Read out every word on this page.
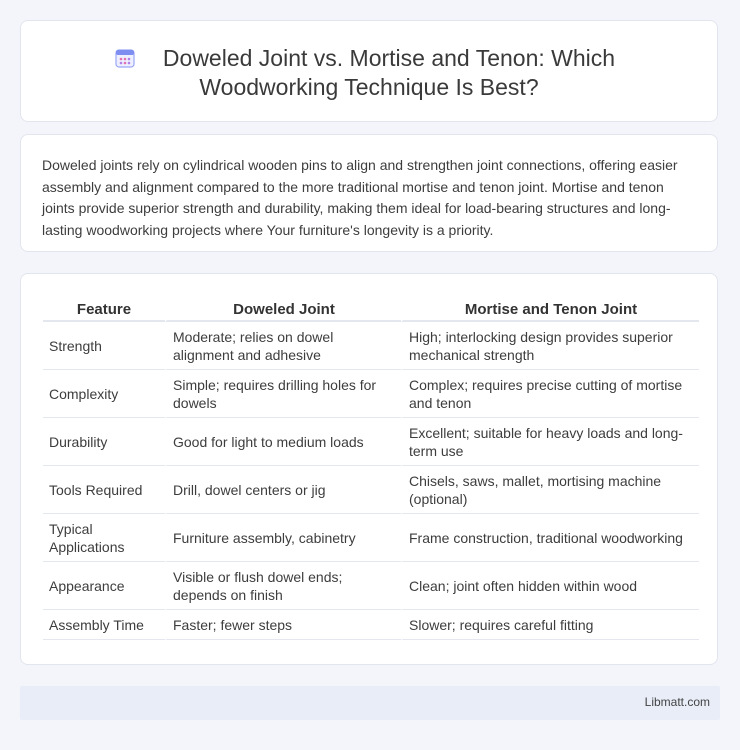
Doweled Joint vs. Mortise and Tenon: Which
Woodworking Technique Is Best?

Doweled joints rely on cylindrical wooden pins to align and strengthen joint connections, offering easier assembly and alignment compared to the more traditional mortise and tenon joint. Mortise and tenon joints provide superior strength and durability, making them ideal for load-bearing structures and long-lasting woodworking projects where Your furniture's longevity is a priority.

Feature	Doweled Joint	Mortise and Tenon Joint
Strength	Moderate; relies on dowel alignment and adhesive	High; interlocking design provides superior mechanical strength
Complexity	Simple; requires drilling holes for dowels	Complex; requires precise cutting of mortise and tenon
Durability	Good for light to medium loads	Excellent; suitable for heavy loads and long-term use
Tools Required	Drill, dowel centers or jig	Chisels, saws, mallet, mortising machine (optional)
Typical Applications	Furniture assembly, cabinetry	Frame construction, traditional woodworking
Appearance	Visible or flush dowel ends; depends on finish	Clean; joint often hidden within wood
Assembly Time	Faster; fewer steps	Slower; requires careful fitting
Libmatt.com
